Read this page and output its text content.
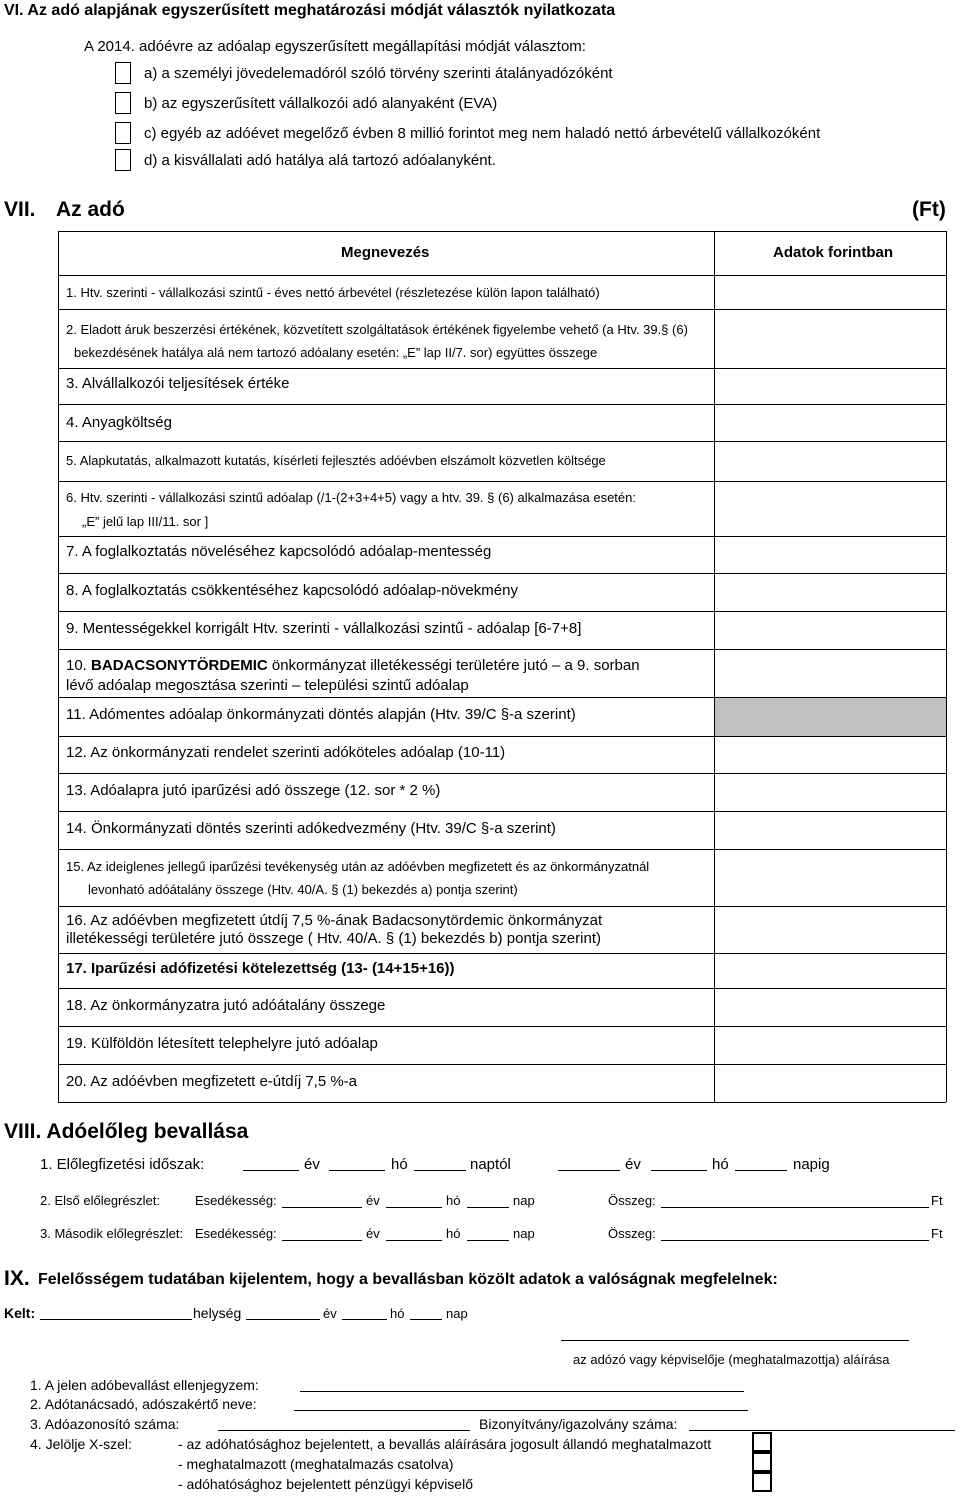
VI. Az adó alapjának egyszerűsített meghatározási módját választók nyilatkozata
A 2014. adóévre az adóalap egyszerűsített megállapítási módját választom:
a) a személyi jövedelemadóról szóló törvény szerinti átalányadózóként
b) az egyszerűsített vállalkozói adó alanyaként (EVA)
c) egyéb az adóévet megelőző évben 8 millió forintot meg nem haladó nettó árbevételű vállalkozóként
d) a kisvállalati adó hatálya alá tartozó adóalanyként.
VII. Az adó	(Ft)
Megnevezés	Adatok forintban
1. Htv. szerinti - vállalkozási szintű - éves nettó árbevétel (részletezése külön lapon található)
2. Eladott áruk beszerzési értékének, közvetített szolgáltatások értékének figyelembe vehető (a Htv. 39.§ (6)
bekezdésének hatálya alá nem tartozó adóalany esetén: „E” lap II/7. sor) együttes összege
3. Alvállalkozói teljesítések értéke
4. Anyagköltség
5. Alapkutatás, alkalmazott kutatás, kísérleti fejlesztés adóévben elszámolt közvetlen költsége
6. Htv. szerinti - vállalkozási szintű adóalap (/1-(2+3+4+5) vagy a htv. 39. § (6) alkalmazása esetén:
„E” jelű lap III/11. sor ]
7. A foglalkoztatás növeléséhez kapcsolódó adóalap-mentesség
8. A foglalkoztatás csökkentéséhez kapcsolódó adóalap-növekmény
9. Mentességekkel korrigált Htv. szerinti - vállalkozási szintű - adóalap [6-7+8]
10. BADACSONYTÖRDEMIC önkormányzat illetékességi területére jutó – a 9. sorban
lévő adóalap megosztása szerinti – települési szintű adóalap
11. Adómentes adóalap önkormányzati döntés alapján (Htv. 39/C §-a szerint)
12. Az önkormányzati rendelet szerinti adóköteles adóalap (10-11)
13. Adóalapra jutó iparűzési adó összege (12. sor * 2 %)
14. Önkormányzati döntés szerinti adókedvezmény (Htv. 39/C §-a szerint)
15. Az ideiglenes jellegű iparűzési tevékenység után az adóévben megfizetett és az önkormányzatnál
levonható adóátalány összege (Htv. 40/A. § (1) bekezdés a) pontja szerint)
16. Az adóévben megfizetett útdíj 7,5 %-ának Badacsonytördemic önkormányzat
illetékességi területére jutó összege ( Htv. 40/A. § (1) bekezdés b) pontja szerint)
17. Iparűzési adófizetési kötelezettség (13- (14+15+16))
18. Az önkormányzatra jutó adóátalány összege
19. Külföldön létesített telephelyre jutó adóalap
20. Az adóévben megfizetett e-útdíj 7,5 %-a
VIII. Adóelőleg bevallása
1. Előlegfizetési időszak:	év	hó	naptól	év	hó	napig
2. Első előlegrészlet:	Esedékesség:	év	hó	nap	Összeg:	Ft
3. Második előlegrészlet: Esedékesség:	év	hó	nap	Összeg:	Ft
IX. Felelősségem tudatában kijelentem, hogy a bevallásban közölt adatok a valóságnak megfelelnek:
Kelt:	helység	év	hó	nap
az adózó vagy képviselője (meghatalmazottja) aláírása
1. A jelen adóbevallást ellenjegyzem:
2. Adótanácsadó, adószakértő neve:
3. Adóazonosító száma:	Bizonyítvány/igazolvány száma:
4. Jelölje X-szel:	- az adóhatósághoz bejelentett, a bevallás aláírására jogosult állandó meghatalmazott
- meghatalmazott (meghatalmazás csatolva)
- adóhatósághoz bejelentett pénzügyi képviselő
